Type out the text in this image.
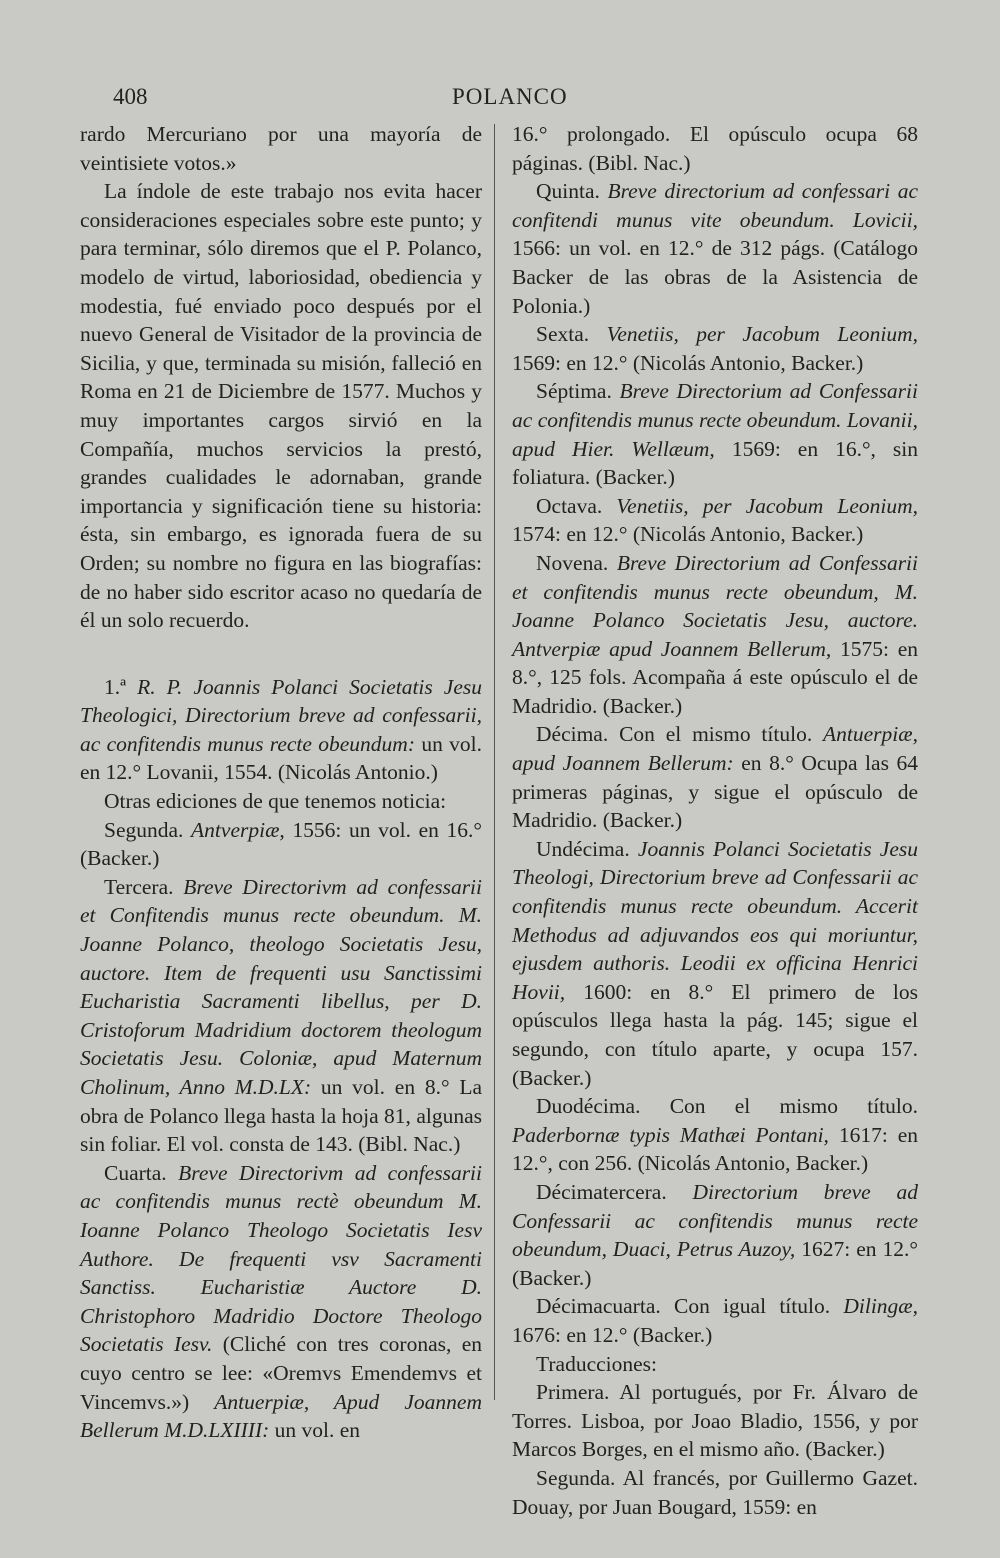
408	POLANCO

rardo Mercuriano por una mayoría de veintisiete votos.»

La índole de este trabajo nos evita hacer consideraciones especiales sobre este punto; y para terminar, sólo diremos que el P. Polanco, modelo de virtud, laboriosidad, obediencia y modestia, fué enviado poco después por el nuevo General de Visitador de la provincia de Sicilia, y que, terminada su misión, falleció en Roma en 21 de Diciembre de 1577. Muchos y muy importantes cargos sirvió en la Compañía, muchos servicios la prestó, grandes cualidades le adornaban, grande importancia y significación tiene su historia: ésta, sin embargo, es ignorada fuera de su Orden; su nombre no figura en las biografías: de no haber sido escritor acaso no quedaría de él un solo recuerdo.

1.ª R. P. Joannis Polanci Societatis Jesu Theologici, Directorium breve ad confessarii, ac confitendis munus recte obeundum: un vol. en 12.° Lovanii, 1554. (Nicolás Antonio.)

Otras ediciones de que tenemos noticia:

Segunda. Antverpiæ, 1556: un vol. en 16.° (Backer.)

Tercera. Breve Directorivm ad confessarii et Confitendis munus recte obeundum. M. Joanne Polanco, theologo Societatis Jesu, auctore. Item de frequenti usu Sanctissimi Eucharistia Sacramenti libellus, per D. Cristoforum Madridium doctorem theologum Societatis Jesu. Coloniæ, apud Maternum Cholinum, Anno M.D.LX: un vol. en 8.° La obra de Polanco llega hasta la hoja 81, algunas sin foliar. El vol. consta de 143. (Bibl. Nac.)

Cuarta. Breve Directorivm ad confessarii ac confitendis munus rectè obeundum M. Ioanne Polanco Theologo Societatis Iesv Authore. De frequenti vsv Sacramenti Sanctiss. Eucharistiæ Auctore D. Christophoro Madridio Doctore Theologo Societatis Iesv. (Cliché con tres coronas, en cuyo centro se lee: «Oremvs Emendemvs et Vincemvs.») Antuerpiæ, Apud Joannem Bellerum M.D.LXIIII: un vol. en

16.° prolongado. El opúsculo ocupa 68 páginas. (Bibl. Nac.)

Quinta. Breve directorium ad confessari ac confitendi munus vite obeundum. Lovicii, 1566: un vol. en 12.° de 312 págs. (Catálogo Backer de las obras de la Asistencia de Polonia.)

Sexta. Venetiis, per Jacobum Leonium, 1569: en 12.° (Nicolás Antonio, Backer.)

Séptima. Breve Directorium ad Confessarii ac confitendis munus recte obeundum. Lovanii, apud Hier. Wellæum, 1569: en 16.°, sin foliatura. (Backer.)

Octava. Venetiis, per Jacobum Leonium, 1574: en 12.° (Nicolás Antonio, Backer.)

Novena. Breve Directorium ad Confessarii et confitendis munus recte obeundum, M. Joanne Polanco Societatis Jesu, auctore. Antverpiæ apud Joannem Bellerum, 1575: en 8.°, 125 fols. Acompaña á este opúsculo el de Madridio. (Backer.)

Décima. Con el mismo título. Antuerpiæ, apud Joannem Bellerum: en 8.° Ocupa las 64 primeras páginas, y sigue el opúsculo de Madridio. (Backer.)

Undécima. Joannis Polanci Societatis Jesu Theologi, Directorium breve ad Confessarii ac confitendis munus recte obeundum. Accerit Methodus ad adjuvandos eos qui moriuntur, ejusdem authoris. Leodii ex officina Henrici Hovii, 1600: en 8.° El primero de los opúsculos llega hasta la pág. 145; sigue el segundo, con título aparte, y ocupa 157. (Backer.)

Duodécima. Con el mismo título. Paderbornæ typis Mathæi Pontani, 1617: en 12.°, con 256. (Nicolás Antonio, Backer.)

Décimatercera. Directorium breve ad Confessarii ac confitendis munus recte obeundum, Duaci, Petrus Auzoy, 1627: en 12.° (Backer.)

Décimacuarta. Con igual título. Dilingæ, 1676: en 12.° (Backer.)

Traducciones:

Primera. Al portugués, por Fr. Álvaro de Torres. Lisboa, por Joao Bladio, 1556, y por Marcos Borges, en el mismo año. (Backer.)

Segunda. Al francés, por Guillermo Gazet. Douay, por Juan Bougard, 1559: en
